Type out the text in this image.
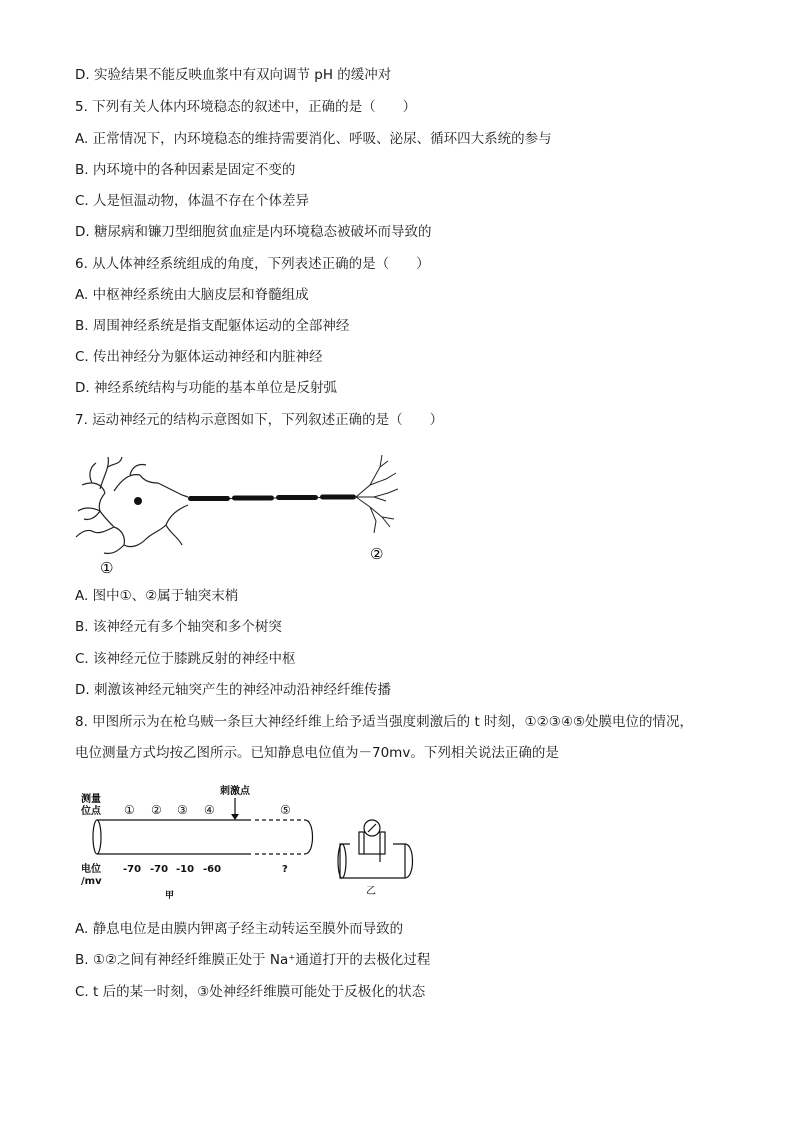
D. 实验结果不能反映血浆中有双向调节 pH 的缓冲对
5. 下列有关人体内环境稳态的叙述中，正确的是（　　）
A. 正常情况下，内环境稳态的维持需要消化、呼吸、泌尿、循环四大系统的参与
B. 内环境中的各种因素是固定不变的
C. 人是恒温动物，体温不存在个体差异
D. 糖尿病和镰刀型细胞贫血症是内环境稳态被破坏而导致的
6. 从人体神经系统组成的角度，下列表述正确的是（　　）
A. 中枢神经系统由大脑皮层和脊髓组成
B. 周围神经系统是指支配躯体运动的全部神经
C. 传出神经分为躯体运动神经和内脏神经
D. 神经系统结构与功能的基本单位是反射弧
7. 运动神经元的结构示意图如下，下列叙述正确的是（　　）
①
②
A. 图中①、②属于轴突末梢
B. 该神经元有多个轴突和多个树突
C. 该神经元位于膝跳反射的神经中枢
D. 刺激该神经元轴突产生的神经冲动沿神经纤维传播
8. 甲图所示为在枪乌贼一条巨大神经纤维上给予适当强度刺激后的 t 时刻，①②③④⑤处膜电位的情况，
电位测量方式均按乙图所示。已知静息电位值为－70mv。下列相关说法正确的是
测量
位点
刺激点
① ② ③ ④	⑤
电位
/mv
-70 -70 -10 -60	?
甲	乙
A. 静息电位是由膜内钾离子经主动转运至膜外而导致的
B. ①②之间有神经纤维膜正处于 Na⁺通道打开的去极化过程
C. t 后的某一时刻，③处神经纤维膜可能处于反极化的状态
